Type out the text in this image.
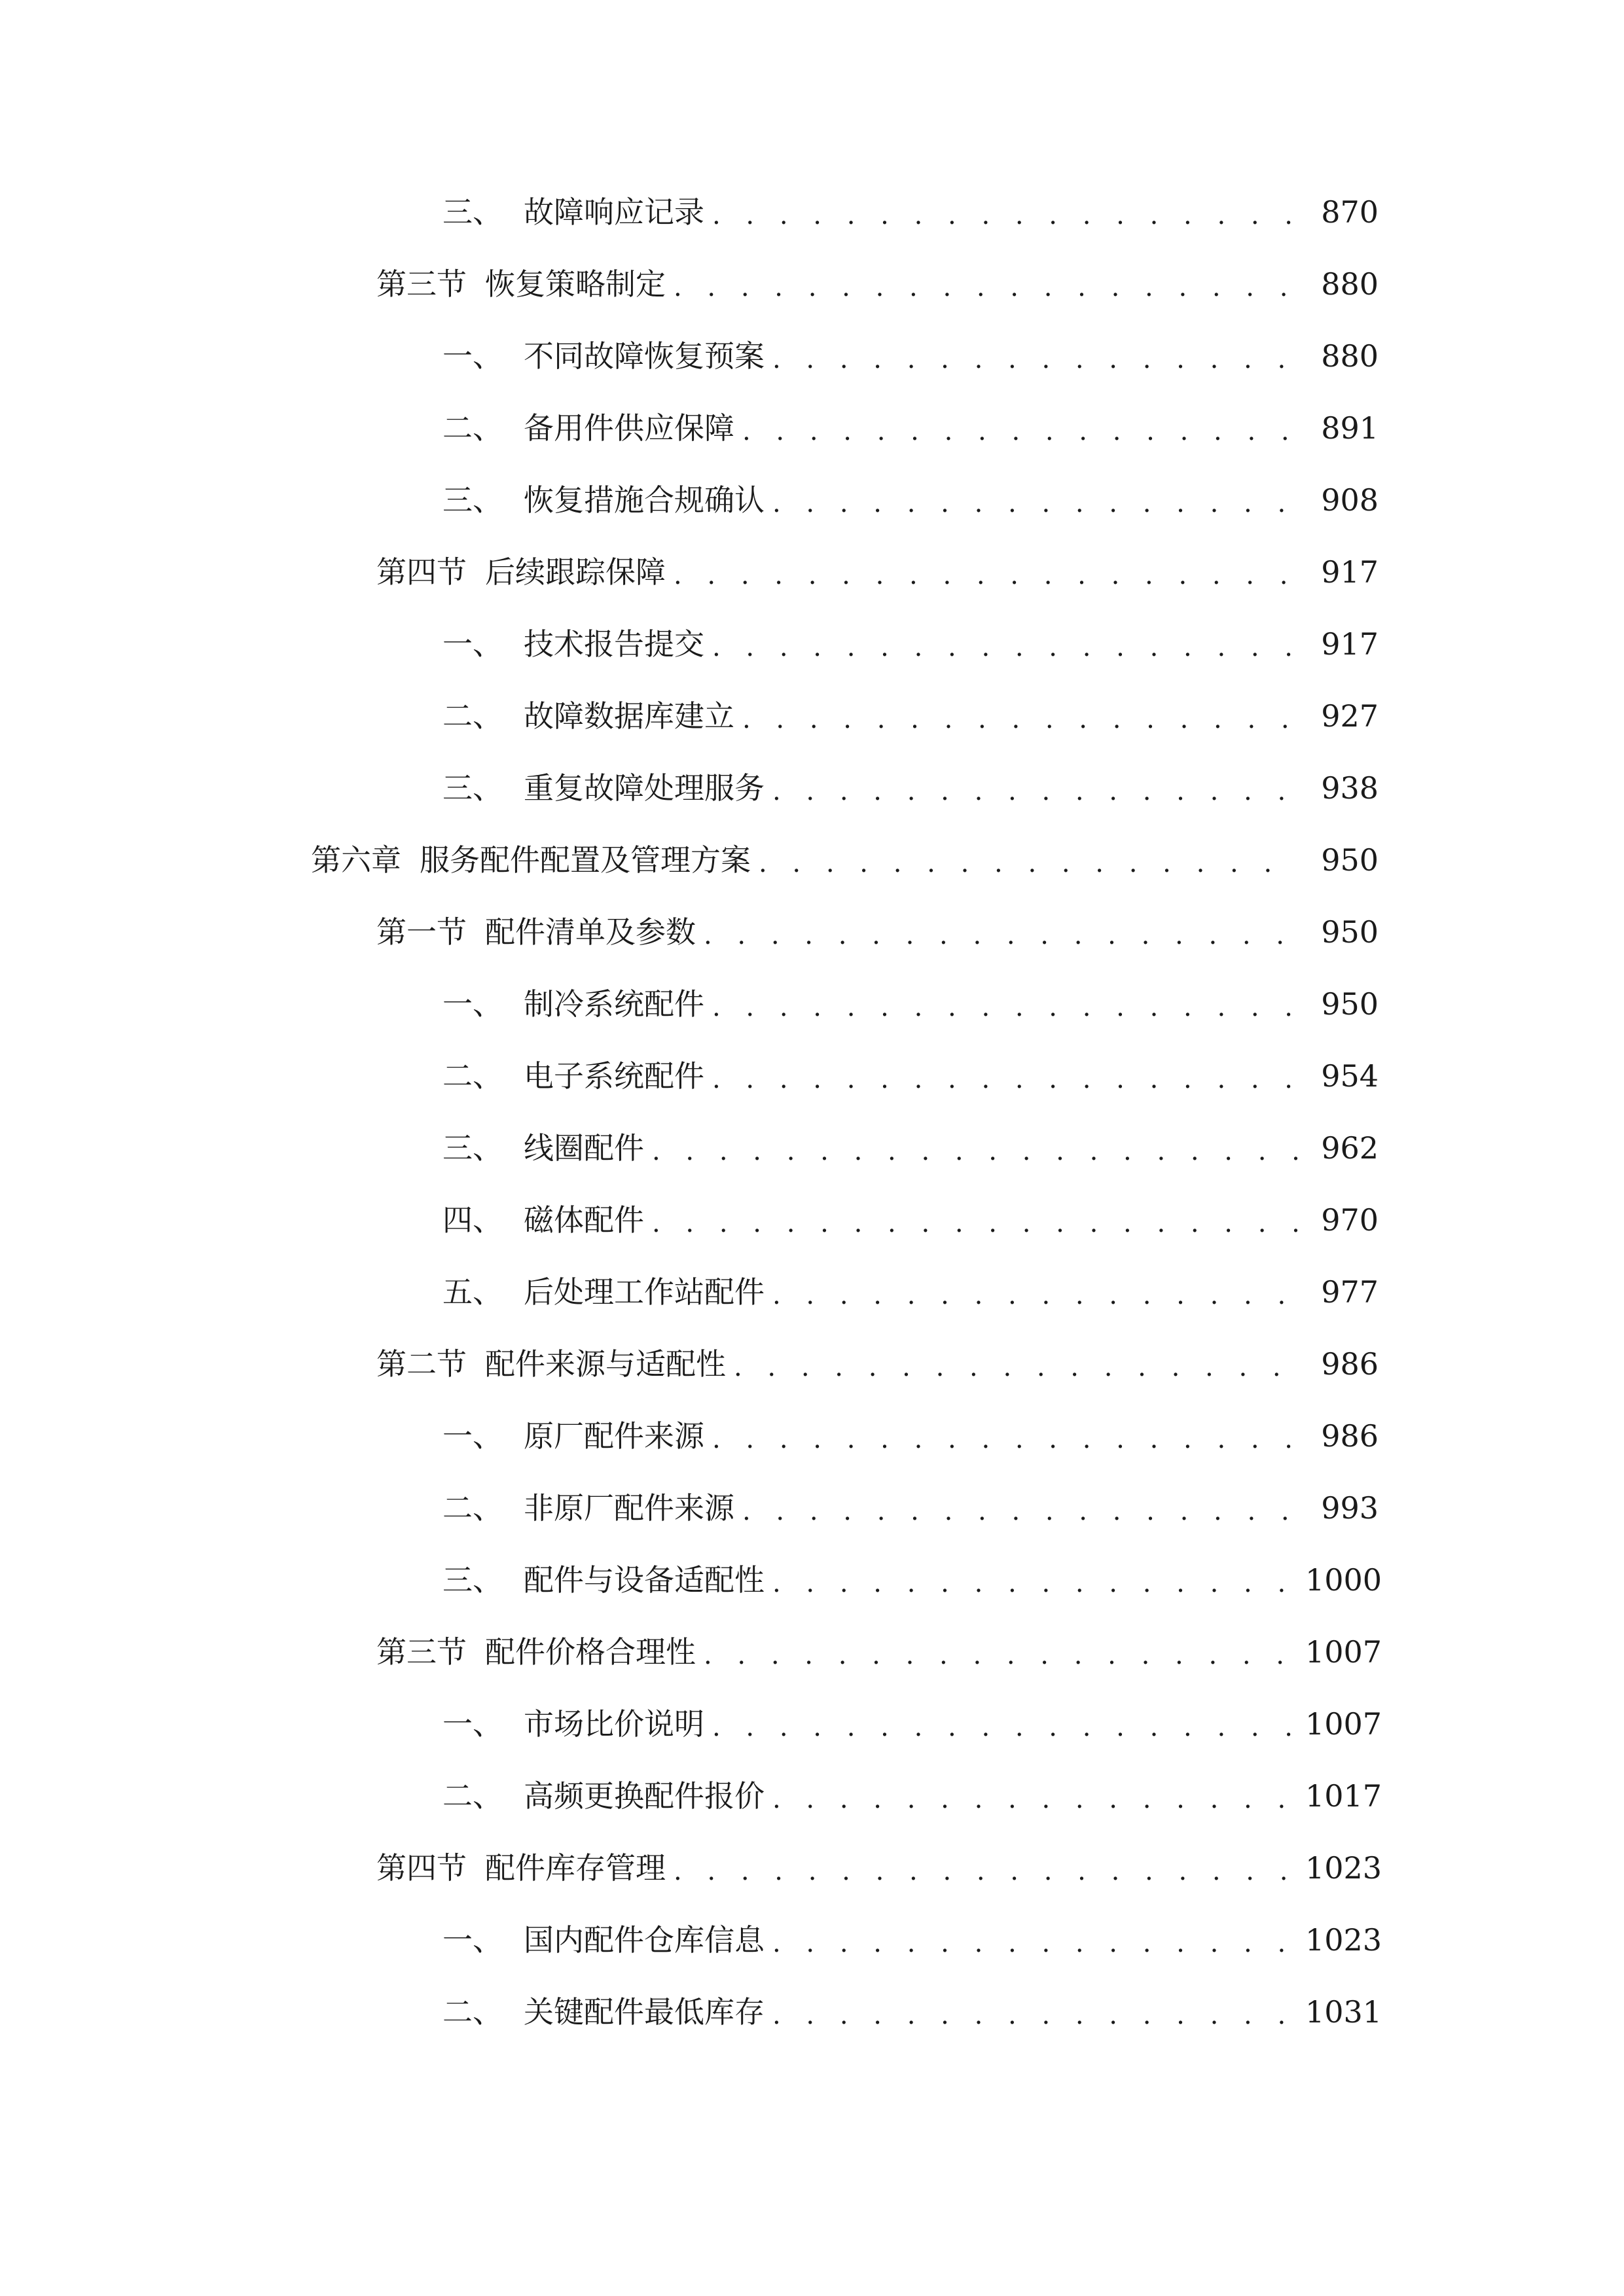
三、 故障响应记录 . . .	870
第三节 恢复策略制定 . . .	880
一、 不同故障恢复预案 . . .	880
二、 备用件供应保障 . . .	891
三、 恢复措施合规确认 . . .	908
第四节 后续跟踪保障 . . .	917
一、 技术报告提交 . . .	917
二、 故障数据库建立 . . .	927
三、 重复故障处理服务 . . .	938
第六章 服务配件配置及管理方案 . . .	950
第一节 配件清单及参数 . . .	950
一、 制冷系统配件 . . .	950
二、 电子系统配件 . . .	954
三、 线圈配件 . . .	962
四、 磁体配件 . . .	970
五、 后处理工作站配件 . . .	977
第二节 配件来源与适配性 . . .	986
一、 原厂配件来源 . . .	986
二、 非原厂配件来源 . . .	993
三、 配件与设备适配性 . . .	1000
第三节 配件价格合理性 . . .	1007
一、 市场比价说明 . . .	1007
二、 高频更换配件报价 . . .	1017
第四节 配件库存管理 . . .	1023
一、 国内配件仓库信息 . . .	1023
二、 关键配件最低库存 . . .	1031
